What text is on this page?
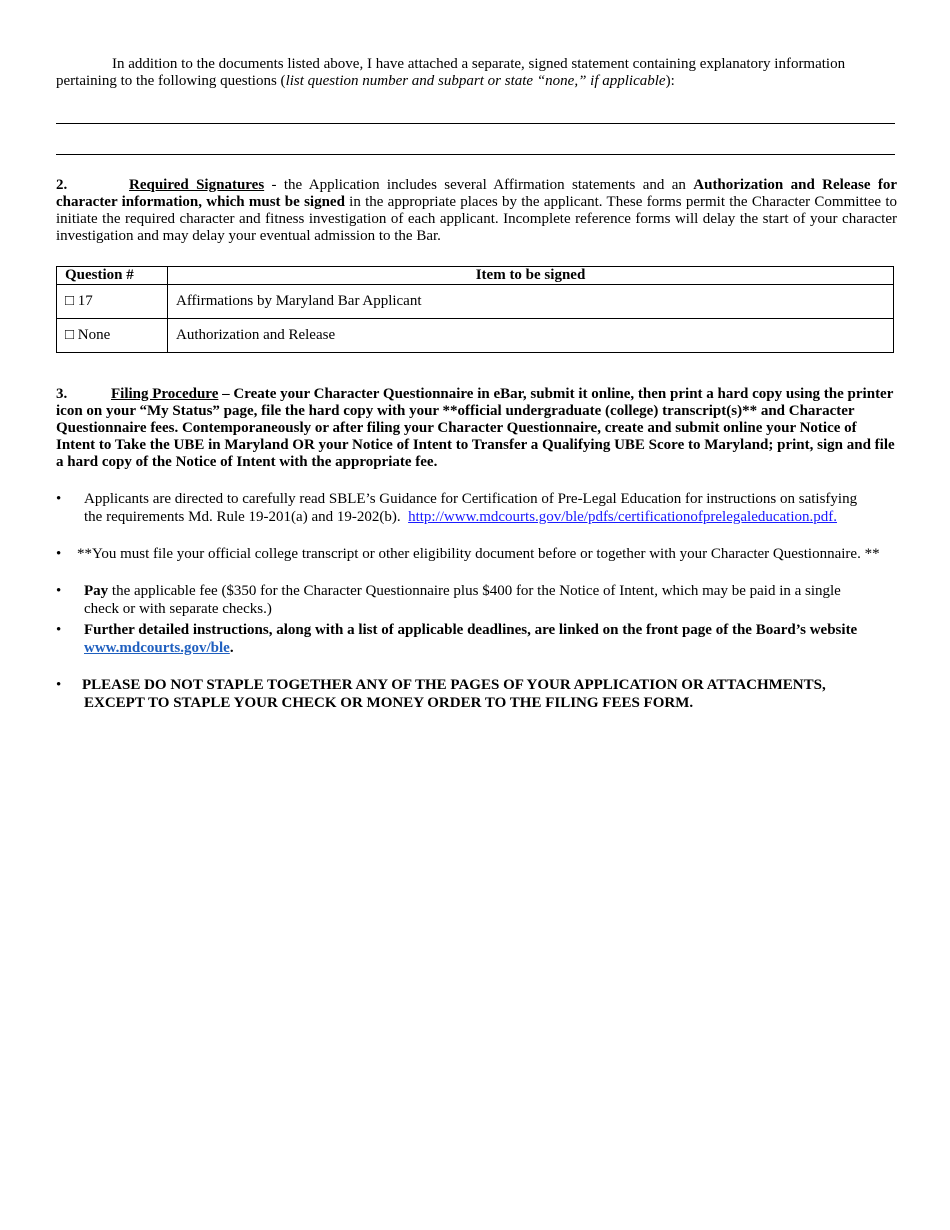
In addition to the documents listed above, I have attached a separate, signed statement containing explanatory information pertaining to the following questions (list question number and subpart or state “none,” if applicable):
2.	Required Signatures - the Application includes several Affirmation statements and an Authorization and Release for character information, which must be signed in the appropriate places by the applicant. These forms permit the Character Committee to initiate the required character and fitness investigation of each applicant. Incomplete reference forms will delay the start of your character investigation and may delay your eventual admission to the Bar.
Question #	Item to be signed
□ 17	Affirmations by Maryland Bar Applicant
□ None	Authorization and Release
3.	Filing Procedure – Create your Character Questionnaire in eBar, submit it online, then print a hard copy using the printer icon on your “My Status” page, file the hard copy with your **official undergraduate (college) transcript(s)** and Character Questionnaire fees. Contemporaneously or after filing your Character Questionnaire, create and submit online your Notice of Intent to Take the UBE in Maryland OR your Notice of Intent to Transfer a Qualifying UBE Score to Maryland; print, sign and file a hard copy of the Notice of Intent with the appropriate fee.
• Applicants are directed to carefully read SBLE’s Guidance for Certification of Pre-Legal Education for instructions on satisfying
the requirements Md. Rule 19-201(a) and 19-202(b). http://www.mdcourts.gov/ble/pdfs/certificationofprelegaleducation.pdf.
• **You must file your official college transcript or other eligibility document before or together with your Character Questionnaire. **
• Pay the applicable fee ($350 for the Character Questionnaire plus $400 for the Notice of Intent, which may be paid in a single
check or with separate checks.)
• Further detailed instructions, along with a list of applicable deadlines, are linked on the front page of the Board’s website
www.mdcourts.gov/ble.
• PLEASE DO NOT STAPLE TOGETHER ANY OF THE PAGES OF YOUR APPLICATION OR ATTACHMENTS,
EXCEPT TO STAPLE YOUR CHECK OR MONEY ORDER TO THE FILING FEES FORM.
